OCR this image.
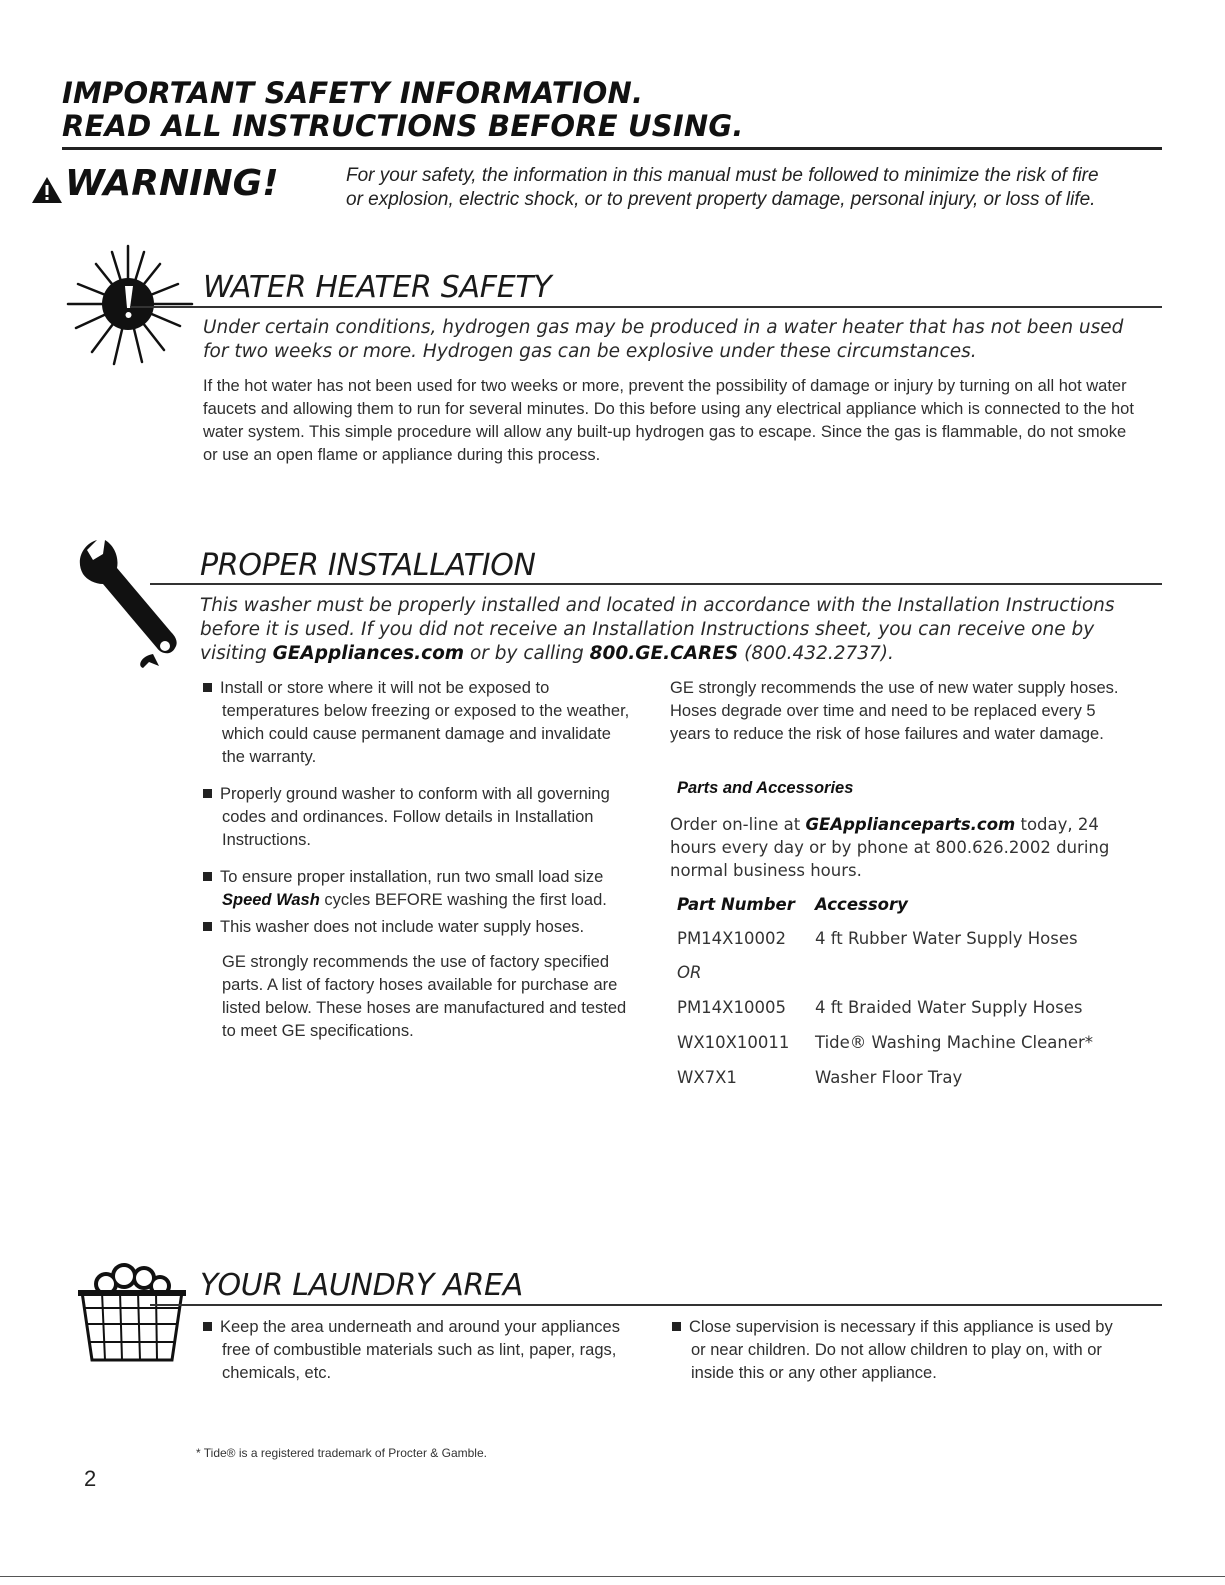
IMPORTANT SAFETY INFORMATION.
READ ALL INSTRUCTIONS BEFORE USING.
WARNING!	For your safety, the information in this manual must be followed to minimize the risk of fire or explosion, electric shock, or to prevent property damage, personal injury, or loss of life.
WATER HEATER SAFETY
Under certain conditions, hydrogen gas may be produced in a water heater that has not been used for two weeks or more. Hydrogen gas can be explosive under these circumstances.
If the hot water has not been used for two weeks or more, prevent the possibility of damage or injury by turning on all hot water faucets and allowing them to run for several minutes. Do this before using any electrical appliance which is connected to the hot water system. This simple procedure will allow any built-up hydrogen gas to escape. Since the gas is flammable, do not smoke or use an open flame or appliance during this process.
PROPER INSTALLATION
This washer must be properly installed and located in accordance with the Installation Instructions before it is used. If you did not receive an Installation Instructions sheet, you can receive one by visiting GEAppliances.com or by calling 800.GE.CARES (800.432.2737).
Install or store where it will not be exposed to temperatures below freezing or exposed to the weather, which could cause permanent damage and invalidate the warranty.
Properly ground washer to conform with all governing codes and ordinances. Follow details in Installation Instructions.
To ensure proper installation, run two small load size Speed Wash cycles BEFORE washing the first load.
This washer does not include water supply hoses.
GE strongly recommends the use of factory specified parts. A list of factory hoses available for purchase are listed below. These hoses are manufactured and tested to meet GE specifications.
GE strongly recommends the use of new water supply hoses. Hoses degrade over time and need to be replaced every 5 years to reduce the risk of hose failures and water damage.
Parts and Accessories
Order on-line at GEApplianceparts.com today, 24 hours every day or by phone at 800.626.2002 during normal business hours.
Part Number Accessory
PM14X10002 4 ft Rubber Water Supply Hoses
OR
PM14X10005 4 ft Braided Water Supply Hoses
WX10X10011 Tide® Washing Machine Cleaner*
WX7X1	Washer Floor Tray
YOUR LAUNDRY AREA
Keep the area underneath and around your appliances free of combustible materials such as lint, paper, rags, chemicals, etc.
Close supervision is necessary if this appliance is used by or near children. Do not allow children to play on, with or inside this or any other appliance.
* Tide® is a registered trademark of Procter & Gamble.
2
